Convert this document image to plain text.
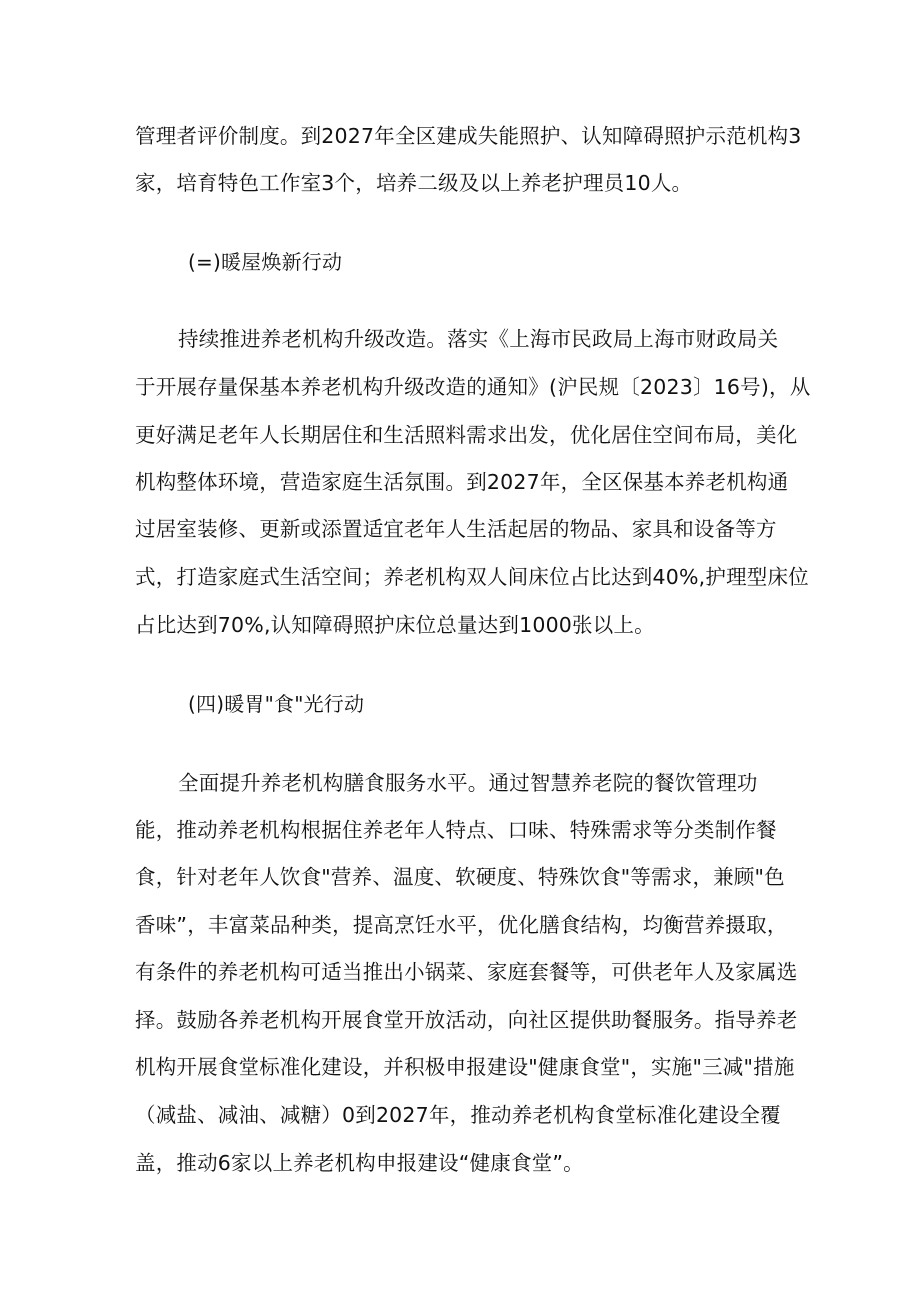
管理者评价制度。到2027年全区建成失能照护、认知障碍照护示范机构3
家，培育特色工作室3个，培养二级及以上养老护理员10人。
(=)暖屋焕新行动
持续推进养老机构升级改造。落实《上海市民政局上海市财政局关
于开展存量保基本养老机构升级改造的通知》(沪民规〔2023〕16号)，从
更好满足老年人长期居住和生活照料需求出发，优化居住空间布局，美化
机构整体环境，营造家庭生活氛围。到2027年，全区保基本养老机构通
过居室装修、更新或添置适宜老年人生活起居的物品、家具和设备等方
式，打造家庭式生活空间；养老机构双人间床位占比达到40%,护理型床位
占比达到70%,认知障碍照护床位总量达到1000张以上。
(四)暖胃"食"光行动
全面提升养老机构膳食服务水平。通过智慧养老院的餐饮管理功
能，推动养老机构根据住养老年人特点、口味、特殊需求等分类制作餐
食，针对老年人饮食"营养、温度、软硬度、特殊饮食"等需求，兼顾"色
香味”，丰富菜品种类，提高烹饪水平，优化膳食结构，均衡营养摄取，
有条件的养老机构可适当推出小锅菜、家庭套餐等，可供老年人及家属选
择。鼓励各养老机构开展食堂开放活动，向社区提供助餐服务。指导养老
机构开展食堂标准化建设，并积极申报建设"健康食堂"，实施"三减"措施
（减盐、减油、减糖）0到2027年，推动养老机构食堂标准化建设全覆
盖，推动6家以上养老机构申报建设“健康食堂”。
